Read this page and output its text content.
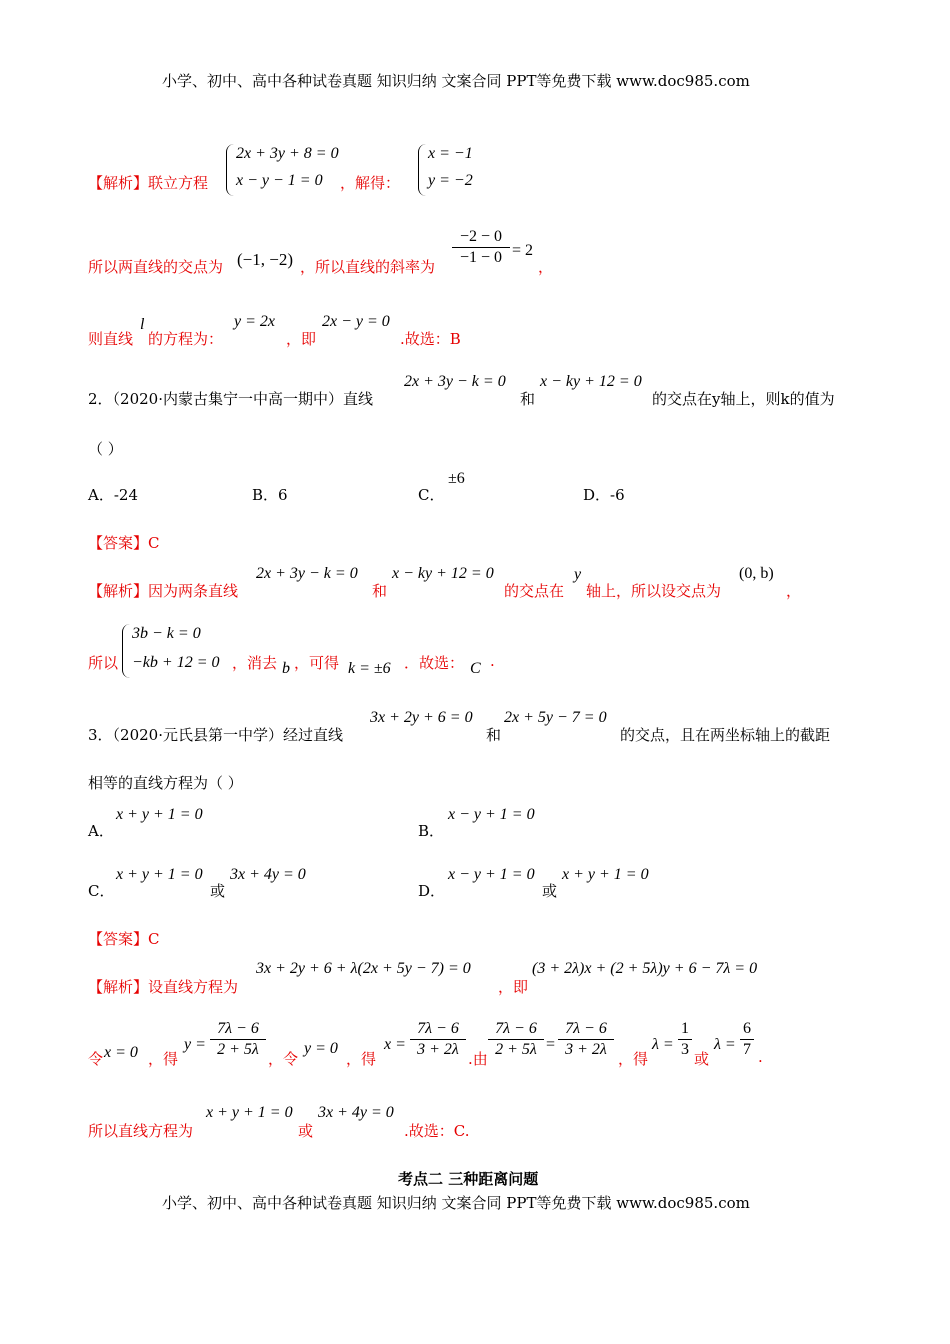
小学、初中、高中各种试卷真题 知识归纳 文案合同 PPT等免费下载 www.doc985.com
【解析】联立方程
2x + 3y + 8 = 0
x − y − 1 = 0 ，解得：
x = −1
y = −2
所以两直线的交点为 (−1, −2) ，所以直线的斜率为
−2 − 0
−1 − 0 = 2
，
则直线
l
的方程为：
y = 2x
，即
2x − y = 0
.故选：B
2．（2020·内蒙古集宁一中高一期中）直线
2x + 3y − k = 0
和
x − ky + 12 = 0
的交点在y轴上，则k的值为
（ ）
A．-24	B．6	C．
±6
D．-6
【答案】C
【解析】因为两条直线
2x + 3y − k = 0
和
x − ky + 12 = 0
的交点在
y
轴上，所以设交点为
(0, b)
，
所以
3b − k = 0
−kb + 12 = 0 ，消去 b ，可得 k = ±6 ．故选： C .
3．（2020·元氏县第一中学）经过直线
3x + 2y + 6 = 0
和
2x + 5y − 7 = 0
的交点，且在两坐标轴上的截距
相等的直线方程为（ ）
A．
x + y + 1 = 0
B．
x − y + 1 = 0
C．
x + y + 1 = 0
或
3x + 4y = 0
D．
x − y + 1 = 0
或
x + y + 1 = 0
【答案】C
【解析】设直线方程为
3x + 2y + 6 + λ(2x + 5y − 7) = 0
，即
(3 + 2λ)x + (2 + 5λ)y + 6 − 7λ = 0
令 x = 0 ，得
y =
7λ − 6
2 + 5λ
，令
y = 0
，得
x =
7λ − 6
3 + 2λ
.由
7λ − 6
2 + 5λ =
7λ − 6
3 + 2λ
，得
λ =
1
3
或
λ =
6
7 .
所以直线方程为
x + y + 1 = 0
或
3x + 4y = 0
.故选：C.
考点二 三种距离问题
小学、初中、高中各种试卷真题 知识归纳 文案合同 PPT等免费下载 www.doc985.com
